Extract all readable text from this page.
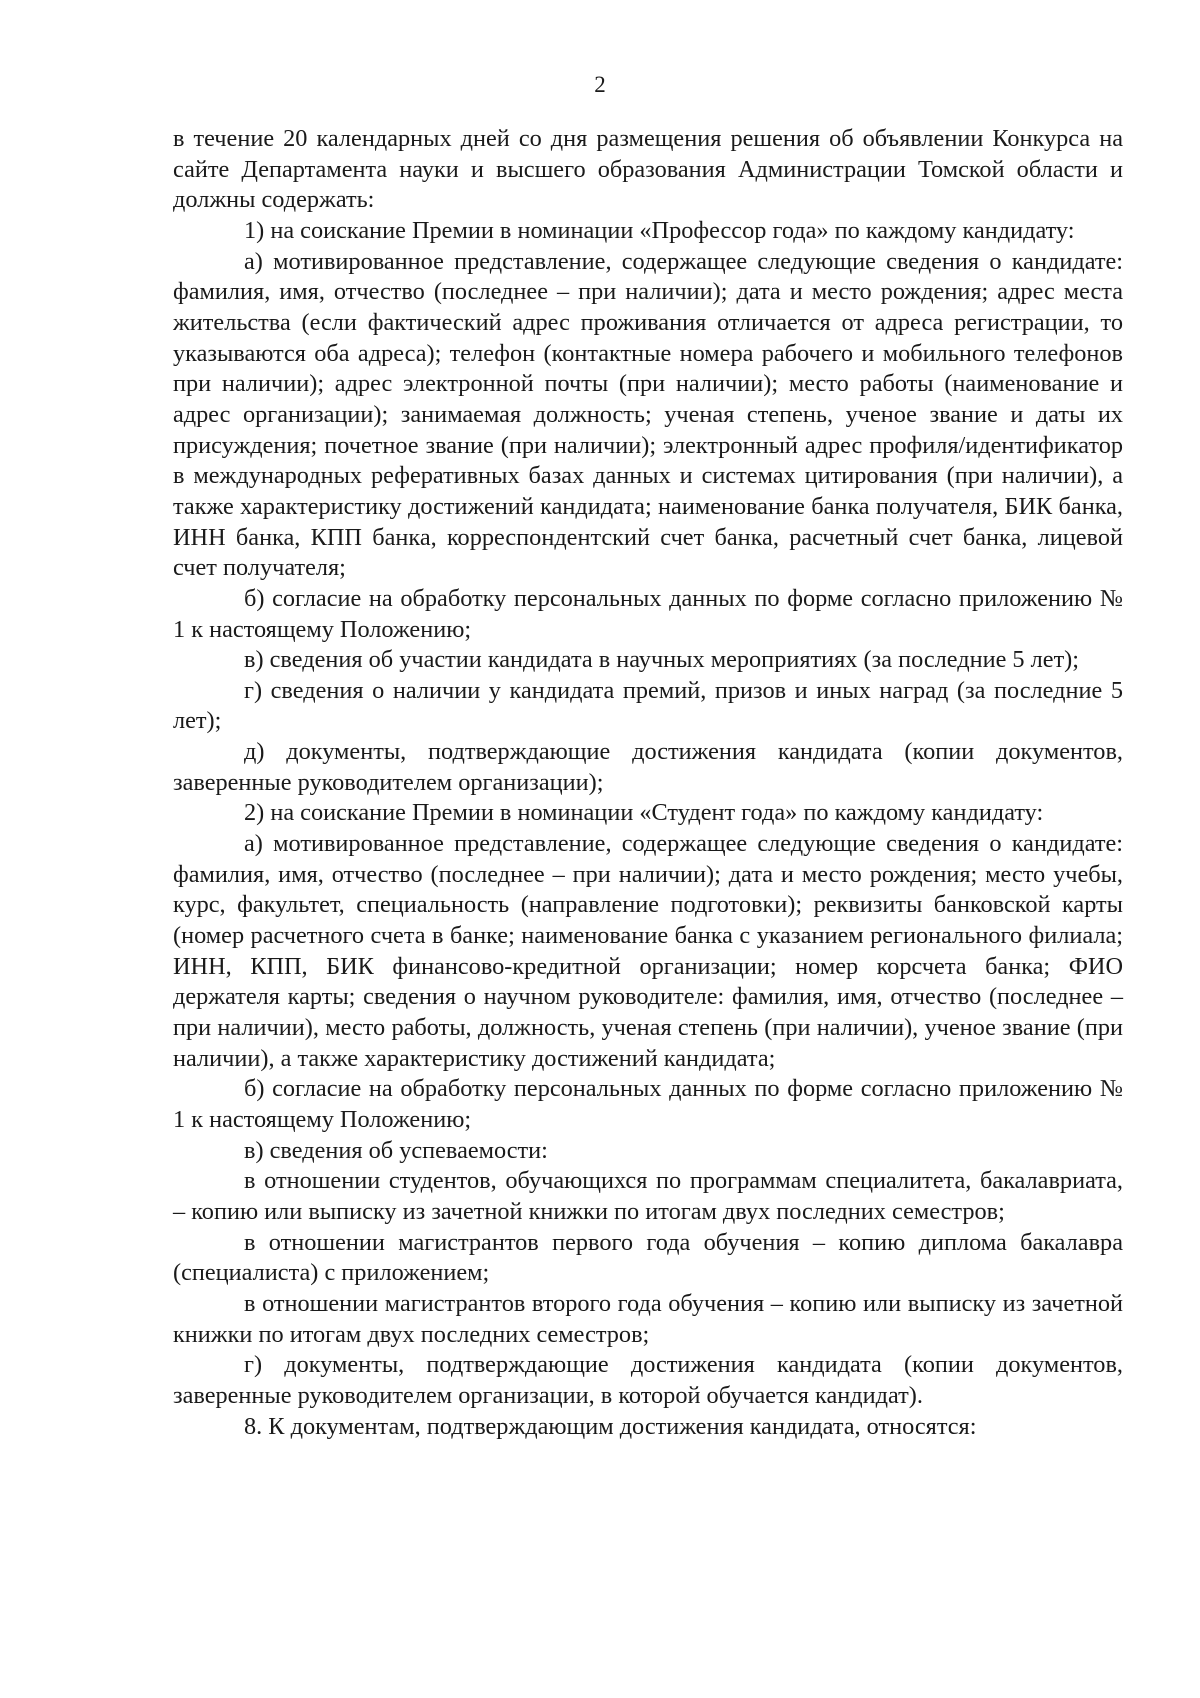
2

в течение 20 календарных дней со дня размещения решения об объявлении Конкурса на сайте Департамента науки и высшего образования Администрации Томской области и должны содержать:

1) на соискание Премии в номинации «Профессор года» по каждому кандидату:

а) мотивированное представление, содержащее следующие сведения о кандидате: фамилия, имя, отчество (последнее – при наличии); дата и место рождения; адрес места жительства (если фактический адрес проживания отличается от адреса регистрации, то указываются оба адреса); телефон (контактные номера рабочего и мобильного телефонов при наличии); адрес электронной почты (при наличии); место работы (наименование и адрес организации); занимаемая должность; ученая степень, ученое звание и даты их присуждения; почетное звание (при наличии); электронный адрес профиля/идентификатор в международных реферативных базах данных и системах цитирования (при наличии), а также характеристику достижений кандидата; наименование банка получателя, БИК банка, ИНН банка, КПП банка, корреспондентский счет банка, расчетный счет банка, лицевой счет получателя;

б) согласие на обработку персональных данных по форме согласно приложению № 1 к настоящему Положению;

в) сведения об участии кандидата в научных мероприятиях (за последние 5 лет);

г) сведения о наличии у кандидата премий, призов и иных наград (за последние 5 лет);

д) документы, подтверждающие достижения кандидата (копии документов, заверенные руководителем организации);

2) на соискание Премии в номинации «Студент года» по каждому кандидату:

а) мотивированное представление, содержащее следующие сведения о кандидате: фамилия, имя, отчество (последнее – при наличии); дата и место рождения; место учебы, курс, факультет, специальность (направление подготовки); реквизиты банковской карты (номер расчетного счета в банке; наименование банка с указанием регионального филиала; ИНН, КПП, БИК финансово-кредитной организации; номер корсчета банка; ФИО держателя карты; сведения о научном руководителе: фамилия, имя, отчество (последнее – при наличии), место работы, должность, ученая степень (при наличии), ученое звание (при наличии), а также характеристику достижений кандидата;

б) согласие на обработку персональных данных по форме согласно приложению № 1 к настоящему Положению;

в) сведения об успеваемости:

в отношении студентов, обучающихся по программам специалитета, бакалавриата, – копию или выписку из зачетной книжки по итогам двух последних семестров;

в отношении магистрантов первого года обучения – копию диплома бакалавра (специалиста) с приложением;

в отношении магистрантов второго года обучения – копию или выписку из зачетной книжки по итогам двух последних семестров;

г) документы, подтверждающие достижения кандидата (копии документов, заверенные руководителем организации, в которой обучается кандидат).

8. К документам, подтверждающим достижения кандидата, относятся:
